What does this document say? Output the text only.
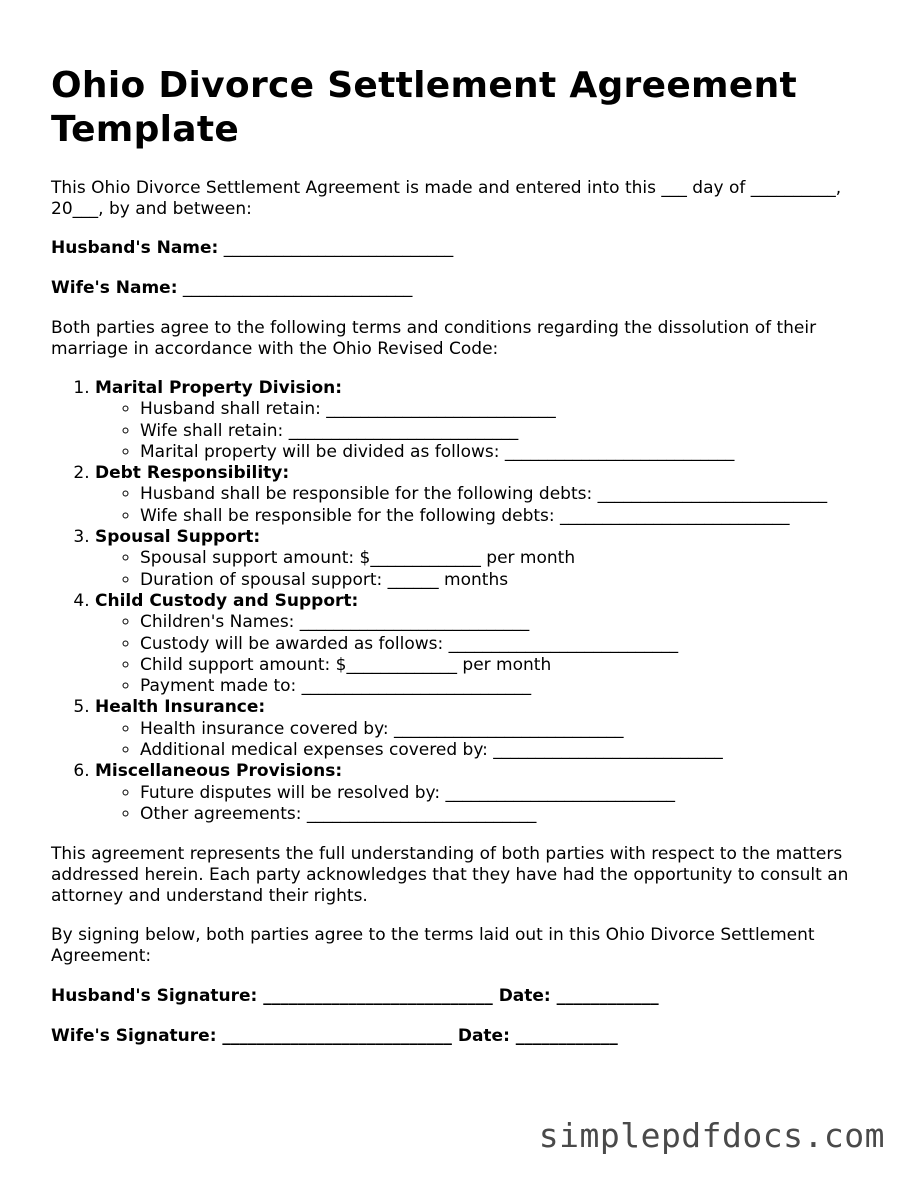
Ohio Divorce Settlement Agreement Template

This Ohio Divorce Settlement Agreement is made and entered into this ___ day of __________, 20___, by and between:

Husband's Name: ___________________________
Wife's Name: ___________________________

Both parties agree to the following terms and conditions regarding the dissolution of their marriage in accordance with the Ohio Revised Code:

1. Marital Property Division:
◦ Husband shall retain: ___________________________
◦ Wife shall retain: ___________________________
◦ Marital property will be divided as follows: ___________________________
2. Debt Responsibility:
◦ Husband shall be responsible for the following debts: ___________________________
◦ Wife shall be responsible for the following debts: ___________________________
3. Spousal Support:
◦ Spousal support amount: $_____________ per month
◦ Duration of spousal support: ______ months
4. Child Custody and Support:
◦ Children's Names: ___________________________
◦ Custody will be awarded as follows: ___________________________
◦ Child support amount: $_____________ per month
◦ Payment made to: ___________________________
5. Health Insurance:
◦ Health insurance covered by: ___________________________
◦ Additional medical expenses covered by: ___________________________
6. Miscellaneous Provisions:
◦ Future disputes will be resolved by: ___________________________
◦ Other agreements: ___________________________

This agreement represents the full understanding of both parties with respect to the matters addressed herein. Each party acknowledges that they have had the opportunity to consult an attorney and understand their rights.

By signing below, both parties agree to the terms laid out in this Ohio Divorce Settlement Agreement:

Husband's Signature: ___________________________ Date: ____________
Wife's Signature: ___________________________ Date: ____________
simplepdfdocs.com
